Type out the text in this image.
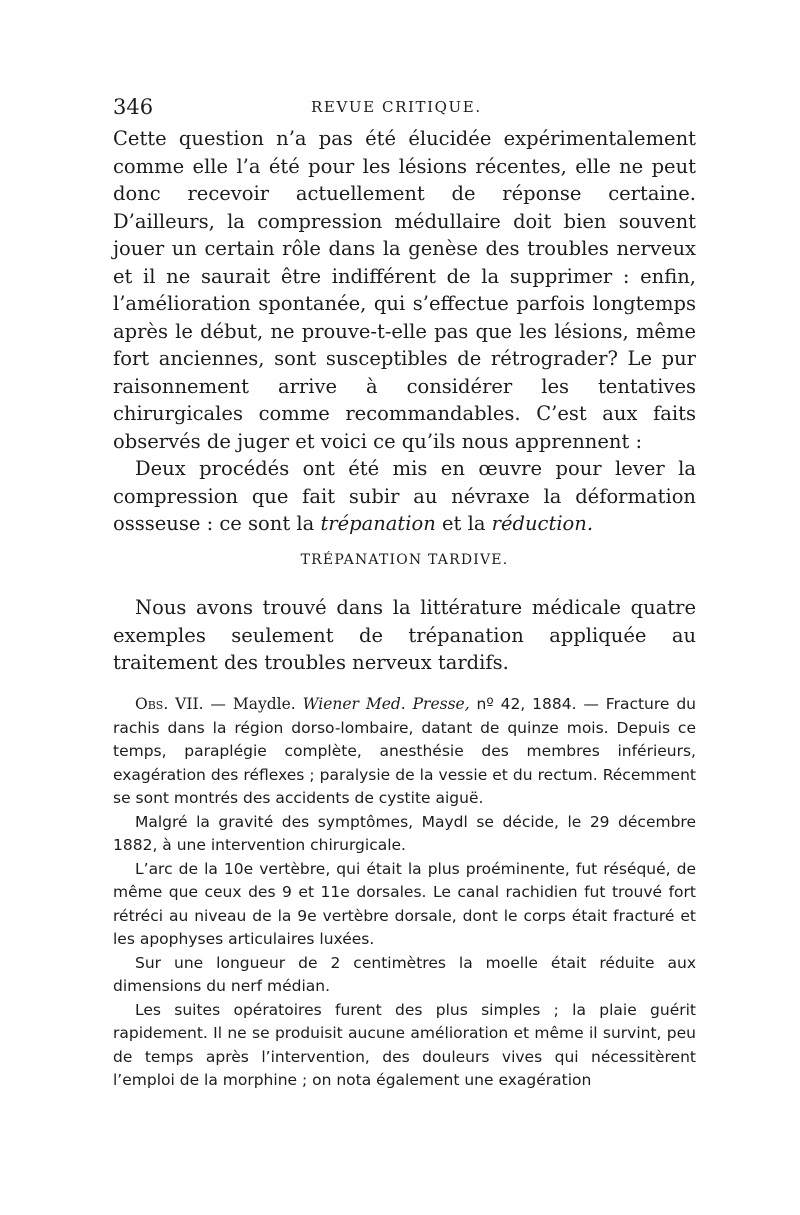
346	REVUE CRITIQUE.

Cette question n’a pas été élucidée expérimentalement comme elle l’a été pour les lésions récentes, elle ne peut donc recevoir actuellement de réponse certaine. D’ailleurs, la compression médullaire doit bien souvent jouer un certain rôle dans la genèse des troubles nerveux et il ne saurait être indifférent de la supprimer : enfin, l’amélioration spontanée, qui s’effectue parfois longtemps après le début, ne prouve-t-elle pas que les lésions, même fort anciennes, sont susceptibles de rétrograder? Le pur raisonnement arrive à considérer les tentatives chirurgicales comme recommandables. C’est aux faits observés de juger et voici ce qu’ils nous apprennent :

Deux procédés ont été mis en œuvre pour lever la compression que fait subir au névraxe la déformation ossseuse : ce sont la trépanation et la réduction.

TRÉPANATION TARDIVE.

Nous avons trouvé dans la littérature médicale quatre exemples seulement de trépanation appliquée au traitement des troubles nerveux tardifs.

Obs. VII. — Maydle. Wiener Med. Presse, nº 42, 1884. — Fracture du rachis dans la région dorso-lombaire, datant de quinze mois. Depuis ce temps, paraplégie complète, anesthésie des membres inférieurs, exagération des réflexes ; paralysie de la vessie et du rectum. Récemment se sont montrés des accidents de cystite aiguë.

Malgré la gravité des symptômes, Maydl se décide, le 29 décembre 1882, à une intervention chirurgicale.

L’arc de la 10e vertèbre, qui était la plus proéminente, fut réséqué, de même que ceux des 9 et 11e dorsales. Le canal rachidien fut trouvé fort rétréci au niveau de la 9e vertèbre dorsale, dont le corps était fracturé et les apophyses articulaires luxées.

Sur une longueur de 2 centimètres la moelle était réduite aux dimensions du nerf médian.

Les suites opératoires furent des plus simples ; la plaie guérit rapidement. Il ne se produisit aucune amélioration et même il survint, peu de temps après l’intervention, des douleurs vives qui nécessitèrent l’emploi de la morphine ; on nota également une exagération
